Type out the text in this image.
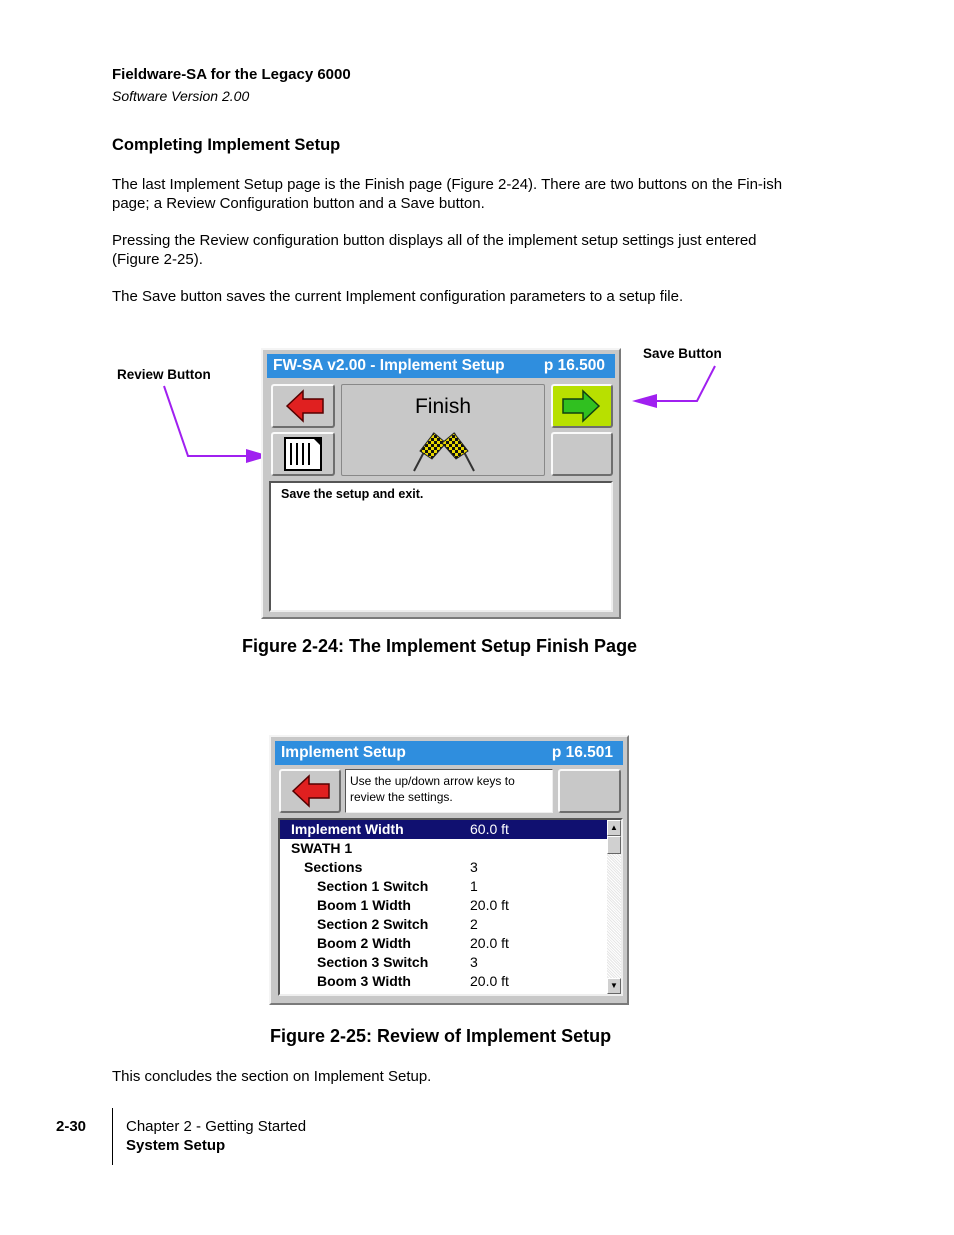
Fieldware-SA for the Legacy 6000
Software Version 2.00
Completing Implement Setup
The last Implement Setup page is the Finish page (Figure 2-24). There are two buttons on the Fin-ish page; a Review Configuration button and a Save button.
Pressing the Review configuration button displays all of the implement setup settings just entered (Figure 2-25).
The Save button saves the current Implement configuration parameters to a setup file.
Review Button
Save Button
FW-SA v2.00 - Implement Setup	p 16.500
Finish
Save the setup and exit.
Figure 2-24: The Implement Setup Finish Page
Implement Setup	p 16.501
Use the up/down arrow keys to review the settings.
Implement Width	60.0 ft
SWATH 1
Sections	3
Section 1 Switch	1
Boom 1 Width	20.0 ft
Section 2 Switch	2
Boom 2 Width	20.0 ft
Section 3 Switch	3
Boom 3 Width	20.0 ft
▲
▼
Figure 2-25: Review of Implement Setup
This concludes the section on Implement Setup.
2-30	Chapter 2 - Getting Started
System Setup
